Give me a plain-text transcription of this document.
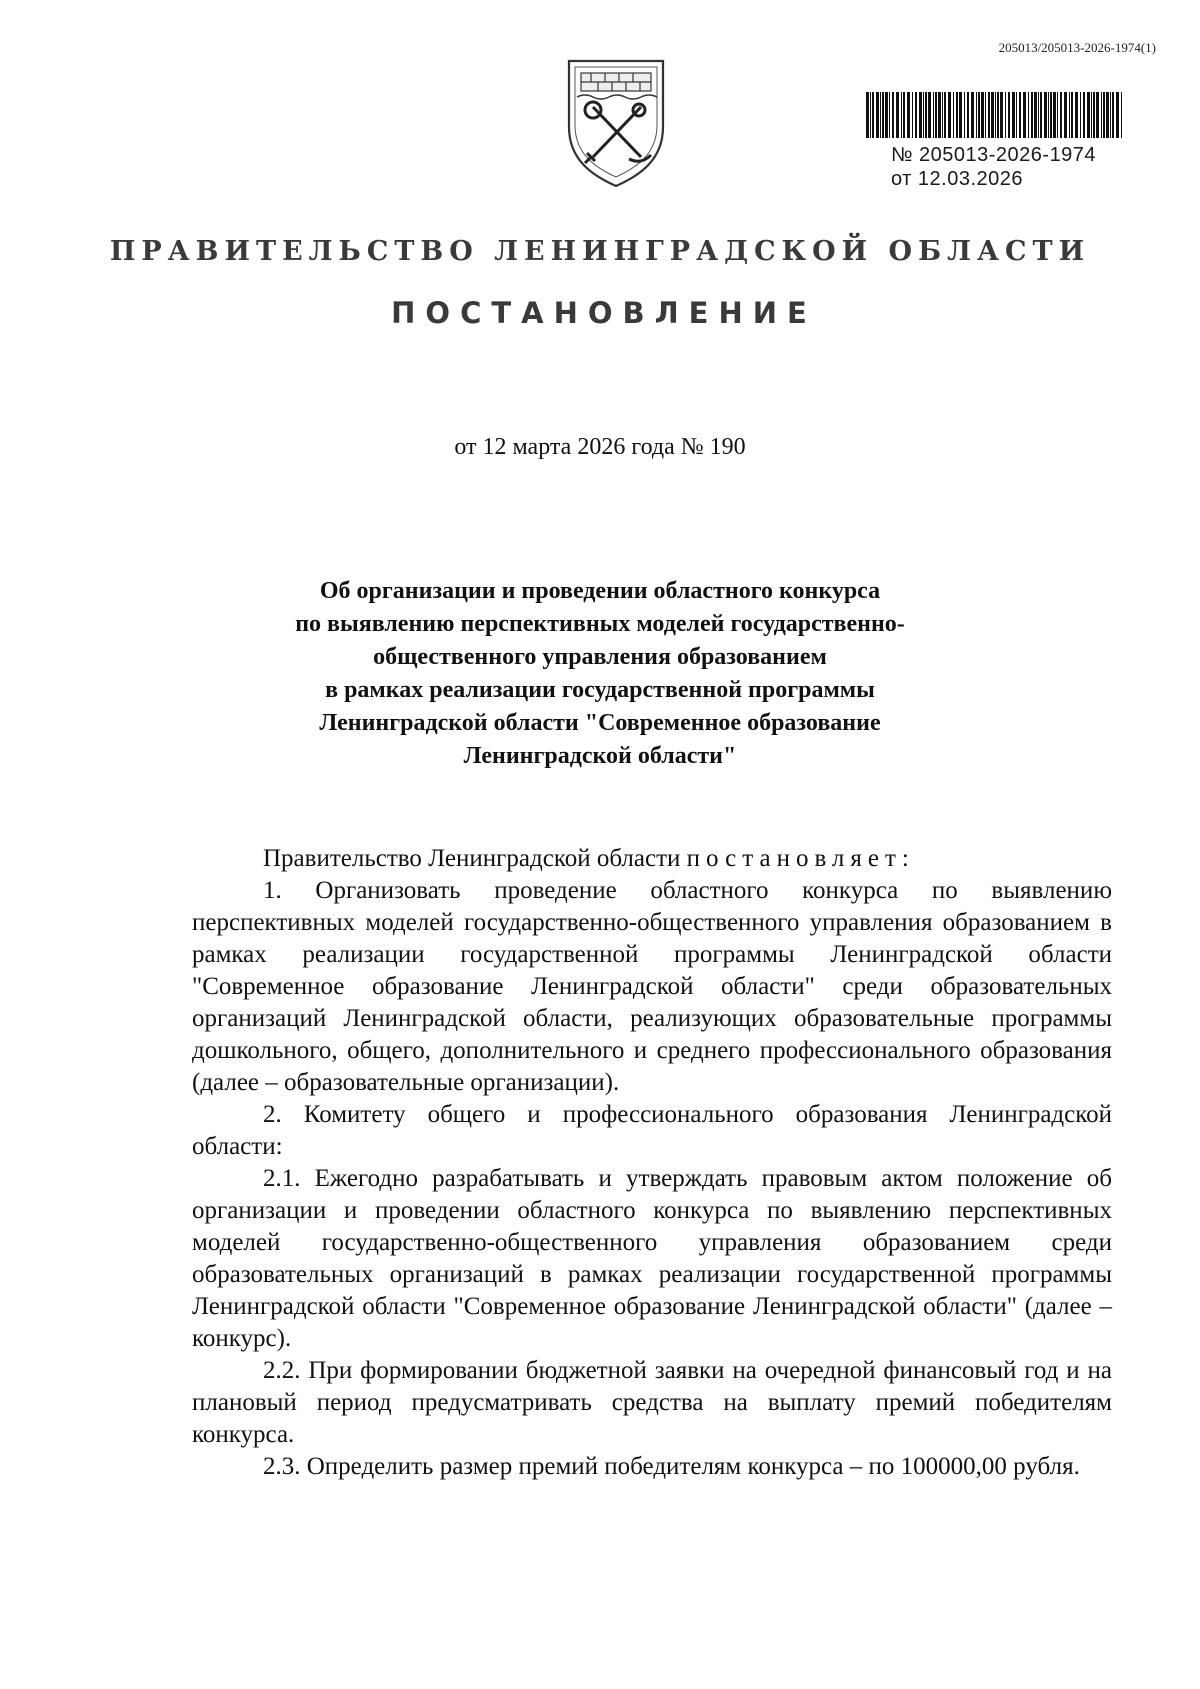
205013/205013-2026-1974(1)
№ 205013-2026-1974
от 12.03.2026
ПРАВИТЕЛЬСТВО ЛЕНИНГРАДСКОЙ ОБЛАСТИ
ПОСТАНОВЛЕНИЕ
от 12 марта 2026 года № 190
Об организации и проведении областного конкурса
по выявлению перспективных моделей государственно-
общественного управления образованием
в рамках реализации государственной программы
Ленинградской области "Современное образование
Ленинградской области"

Правительство Ленинградской области постановляет:

1. Организовать проведение областного конкурса по выявлению перспективных моделей государственно-общественного управления образованием в рамках реализации государственной программы Ленинградской области "Современное образование Ленинградской области" среди образовательных организаций Ленинградской области, реализующих образовательные программы дошкольного, общего, дополнительного и среднего профессионального образования (далее – образовательные организации).

2. Комитету общего и профессионального образования Ленинградской области:

2.1. Ежегодно разрабатывать и утверждать правовым актом положение об организации и проведении областного конкурса по выявлению перспективных моделей государственно-общественного управления образованием среди образовательных организаций в рамках реализации государственной программы Ленинградской области "Современное образование Ленинградской области" (далее – конкурс).

2.2. При формировании бюджетной заявки на очередной финансовый год и на плановый период предусматривать средства на выплату премий победителям конкурса.

2.3. Определить размер премий победителям конкурса – по 100000,00 рубля.
